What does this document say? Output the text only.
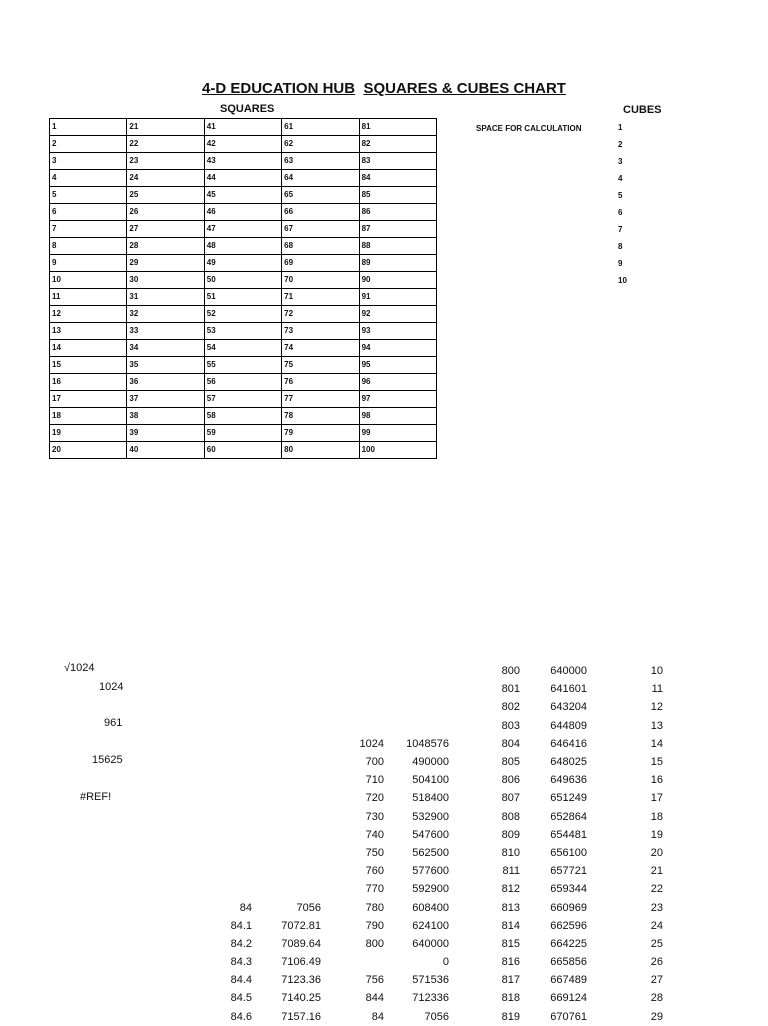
4-D EDUCATION HUB SQUARES & CUBES CHART
SQUARES	CUBES
SPACE FOR CALCULATION
1	21	41	61	81
2	22	42	62	82
3	23	43	63	83
4	24	44	64	84
5	25	45	65	85
6	26	46	66	86
7	27	47	67	87
8	28	48	68	88
9	29	49	69	89
10	30	50	70	90
11	31	51	71	91
12	32	52	72	92
13	33	53	73	93
14	34	54	74	94
15	35	55	75	95
16	36	56	76	96
17	37	57	77	97
18	38	58	78	98
19	39	59	79	99
20	40	60	80	100
1
2
3
4
5
6
7
8
9
10
√1024
1024
961
15625
#REF!
				800	640000	10
				801	641601	11
				802	643204	12
				803	644809	13
		1024	1048576	804	646416	14
		700	490000	805	648025	15
		710	504100	806	649636	16
		720	518400	807	651249	17
		730	532900	808	652864	18
		740	547600	809	654481	19
		750	562500	810	656100	20
		760	577600	811	657721	21
		770	592900	812	659344	22
84	7056	780	608400	813	660969	23
84.1	7072.81	790	624100	814	662596	24
84.2	7089.64	800	640000	815	664225	25
84.3	7106.49		0	816	665856	26
84.4	7123.36	756	571536	817	667489	27
84.5	7140.25	844	712336	818	669124	28
84.6	7157.16	84	7056	819	670761	29
